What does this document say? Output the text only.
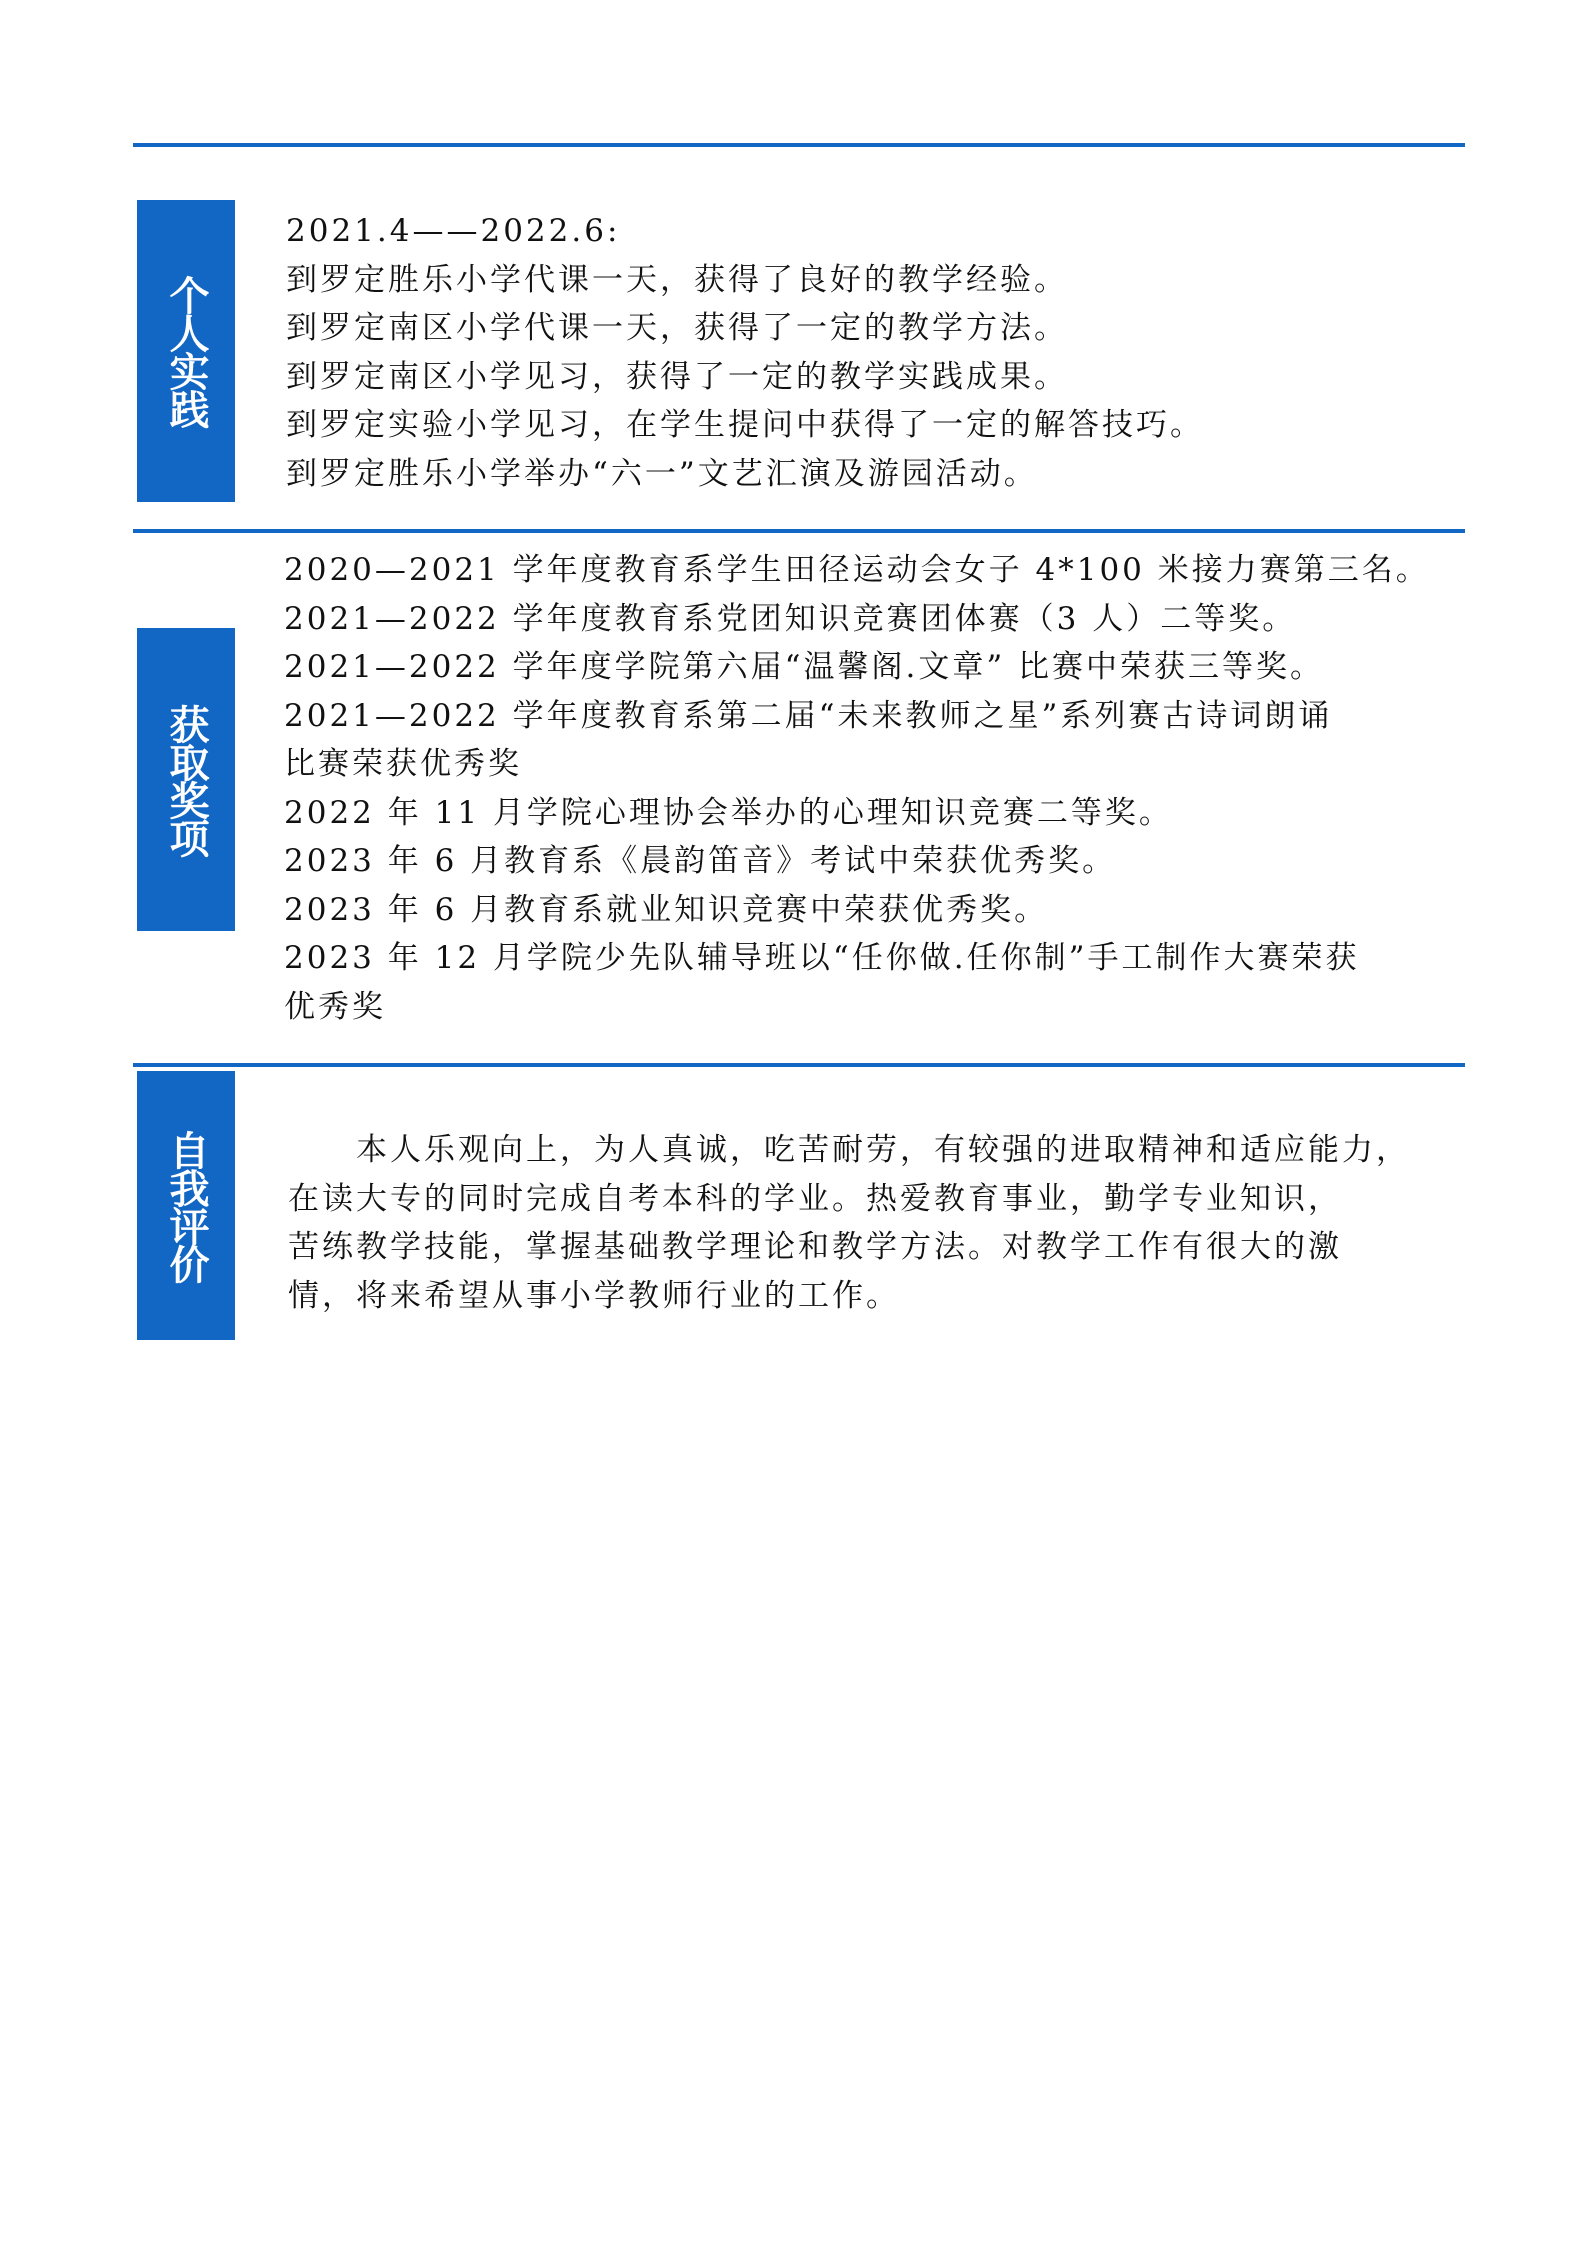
个人实践
2021.4——2022.6:
到罗定胜乐小学代课一天，获得了良好的教学经验。
到罗定南区小学代课一天，获得了一定的教学方法。
到罗定南区小学见习，获得了一定的教学实践成果。
到罗定实验小学见习，在学生提问中获得了一定的解答技巧。
到罗定胜乐小学举办“六一”文艺汇演及游园活动。
获取奖项
2020—2021 学年度教育系学生田径运动会女子 4*100 米接力赛第三名。
2021—2022 学年度教育系党团知识竞赛团体赛（3 人）二等奖。
2021—2022 学年度学院第六届“温馨阁.文章” 比赛中荣获三等奖。
2021—2022 学年度教育系第二届“未来教师之星”系列赛古诗词朗诵
比赛荣获优秀奖
2022 年 11 月学院心理协会举办的心理知识竞赛二等奖。
2023 年 6 月教育系《晨韵笛音》考试中荣获优秀奖。
2023 年 6 月教育系就业知识竞赛中荣获优秀奖。
2023 年 12 月学院少先队辅导班以“任你做.任你制”手工制作大赛荣获
优秀奖
自我评价	　　本人乐观向上，为人真诚，吃苦耐劳，有较强的进取精神和适应能力，
在读大专的同时完成自考本科的学业。热爱教育事业，勤学专业知识，
苦练教学技能，掌握基础教学理论和教学方法。对教学工作有很大的激
情，将来希望从事小学教师行业的工作。
